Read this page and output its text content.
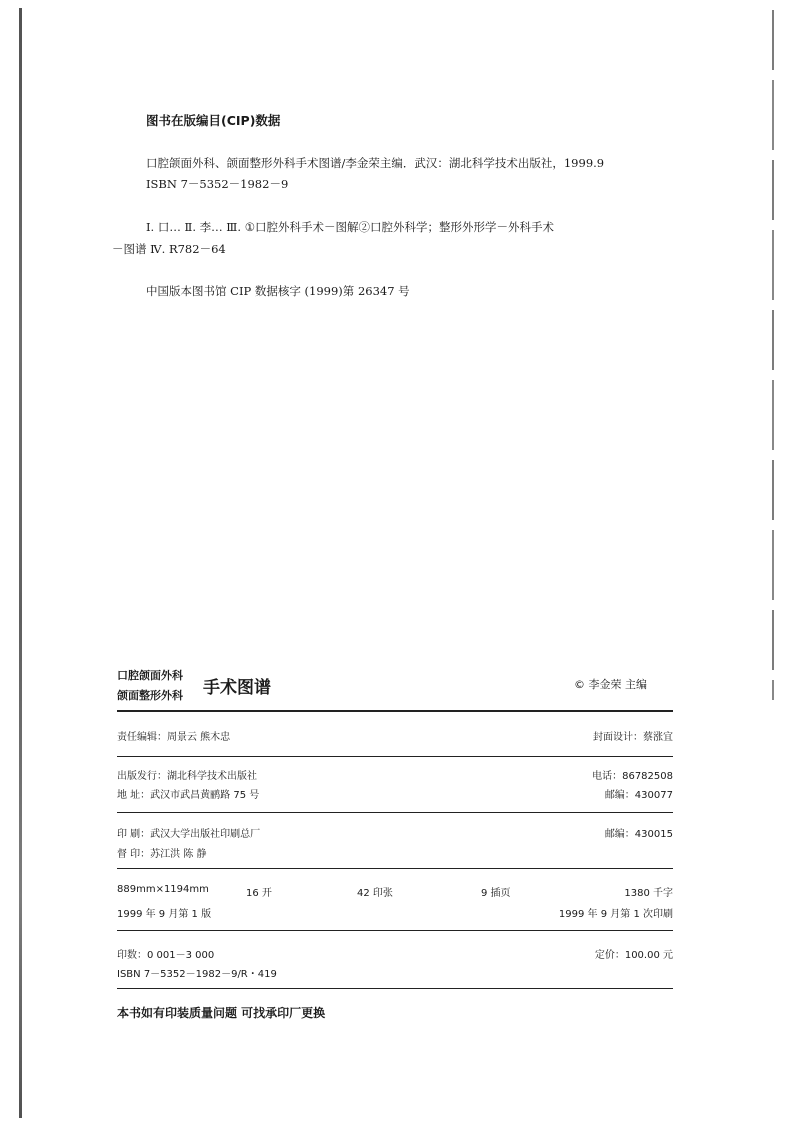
图书在版编目(CIP)数据
口腔颌面外科、颌面整形外科手术图谱/李金荣主编．武汉：湖北科学技术出版社，1999.9
ISBN 7－5352－1982－9
Ⅰ. 口… Ⅱ. 李… Ⅲ. ①口腔外科手术－图解②口腔外科学；整形外形学－外科手术
－图谱 Ⅳ. R782－64
中国版本图书馆 CIP 数据核字 (1999)第 26347 号
口腔颌面外科
颌面整形外科 手术图谱	© 李金荣 主编
责任编辑：周景云 熊木忠	封面设计：蔡涨宜
出版发行：湖北科学技术出版社	电话：86782508
地 址：武汉市武昌黄鹂路 75 号	邮编：430077
印 刷：武汉大学出版社印刷总厂	邮编：430015
督 印：苏江洪 陈 静
889mm×1194mm	16 开	42 印张	9 插页	1380 千字
1999 年 9 月第 1 版	1999 年 9 月第 1 次印刷
印数：0 001－3 000	定价：100.00 元
ISBN 7－5352－1982－9/R・419
本书如有印装质量问题 可找承印厂更换
